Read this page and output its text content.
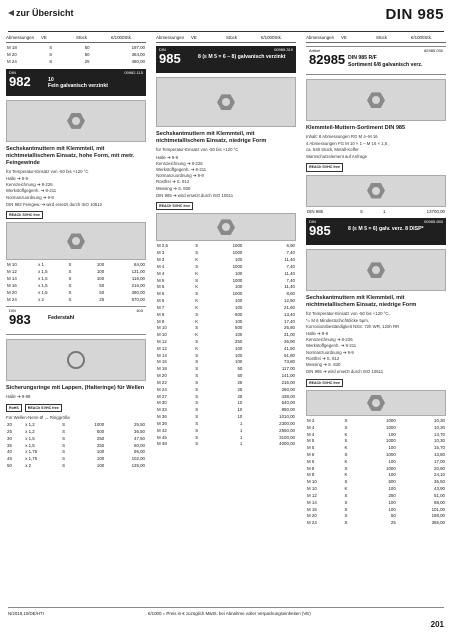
zur Übersicht	DIN 985
Abmessungen	VE	Stück	€/1000Stk.
M 18	S	50	197,00
M 20	S	50	364,00
M 24	S	25	480,00
DIN	00982.115
982	10
Fein galvanisch verzinkt
Sechskantmuttern mit Klemmteil, mit nichtmetallischem Einsatz, hohe Form, mit metr. Feingewinde
für Temperatur-Einsatz von -50 bis +120 °C
Halle ➔ 9-9
Kennzeichnung ➔ 8-226
Werkstoffgegenh. ➔ 8-211
Normanzuordnung ➔ 9-9
DIN 982 Feingew.-➔ wird ersetzt durch ISO 10512
REACh SVHC free
M 10	x 1	S	100	84,00
M 12	x 1,5	S	100	131,00
M 14	x 1,5	S	100	116,00
M 16	x 1,5	S	50	216,00
M 20	x 1,5	S	50	390,00
M 24	x 2	S	25	570,00
DIN	403
983	Federstahl
Sicherungsringe mit Lappen, (Halteringe) für Wellen
Halle ➔ 9-98
RoHS	REACh SVHC free
Für Wellen-Nenn-Ø ↔ Ringgröße
20	x 1,2	S	1000	25,50
25	x 1,2	S	500	36,50
30	x 1,5	S	250	47,50
35	x 1,5	S	250	60,00
40	x 1,75	S	100	95,00
45	x 1,75	S	100	102,00
50	x 2	S	100	125,00
Abmessungen	VE	Stück	€/1000Stk.
DIN	00985.319
985	8 (≤ M 5 = 6 – 8) galvanisch verzinkt
Sechskantmuttern mit Klemmteil, mit nichtmetallischem Einsatz, niedrige Form
für Temperatur-Einsatz von -50 bis +120 °C
Halle ➔ 9-9
Kennzeichnung ➔ 8-226
Werkstoffgegenh. ➔ 8-211
Normanzuordnung ➔ 9-9
Rostfrei ➔ S. 912
Messing ➔ S. 830
DIN 985 ➔ wird ersetzt durch ISO 10511
REACh SVHC free
M 2,5	S	1000	6,90
M 3	S	1000	7,40
M 3	K	100	11,40
M 4	S	1000	7,40
M 4	K	100	11,40
M 5	S	1000	7,40
M 5	K	100	11,40
M 6	S	1000	8,60
M 6	K	100	12,50
M 7	K	100	21,60
M 8	S	500	13,40
M 8	K	100	17,40
M 10	S	500	26,80
M 10	K	100	31,00
M 12	S	250	36,90
M 12	K	100	41,50
M 14	S	100	61,80
M 16	S	100	73,80
M 18	S	50	117,00
M 20	S	50	141,00
M 22	S	25	216,00
M 24	S	25	260,00
M 27	S	25	438,00
M 30	S	10	540,00
M 33	S	10	850,00
M 36	S	10	1010,00
M 39	S	1	2300,00
M 42	S	1	2550,00
M 45	S	1	3100,00
M 48	S	1	4000,00
Abmessungen	VE	Stück	€/1000Stk.
Artikel	82985.030
82985 DIN 985 R/F
Sortiment 6/8 galvanisch verz.
Klemmteil-Muttern-Sortiment DIN 985
Inhalt: 8 Abmessungen RG M 4–M 16
4 Abmessungen FG M 10 × 1 – M 16 × 1,5 ,
ca. 540 Stück, Metall-Koffer
Warnschutzelement auf Anfrage
REACh SVHC free
DIN 985	S	1	13700,00
DIN	00985.650
985	8 (≤ M 5 = 6) galv. verz. 8 DISP*
Sechskantmuttern mit Klemmteil, mit nichtmetallischem Einsatz, niedrige Form
für Temperatur-Einsatz von -50 bis +120 °C,
*= M 6 Mindestschichtdicke 5µm,
Korrosionsbeständigkeit NSS: 72h WR, 120h RR
Halle ➔ 9-9
Kennzeichnung ➔ 8-226
Werkstoffgegenh. ➔ 8-211
Normanzuordnung ➔ 9-9
Rostfrei ➔ S. 912
Messing ➔ S. 830
DIN 985 ➔ wird ersetzt durch ISO 10511
REACh SVHC free
M 3	S	1000	10,30
M 4	S	1000	10,30
M 4	K	100	13,70
M 5	S	1000	10,30
M 5	K	100	15,70
M 6	S	1000	13,80
M 6	K	100	17,00
M 8	S	1000	20,90
M 8	K	100	24,10
M 10	S	500	36,50
M 10	K	100	43,90
M 12	S	250	51,00
M 14	S	100	88,00
M 16	S	100	101,00
M 20	S	50	198,00
M 24	S	25	365,00
N/2019,10/DE/HTI	€/1000 = Preis in € zuzüglich MwSt. bei Abnahme voller Verpackungseinheiten (VE)
201
